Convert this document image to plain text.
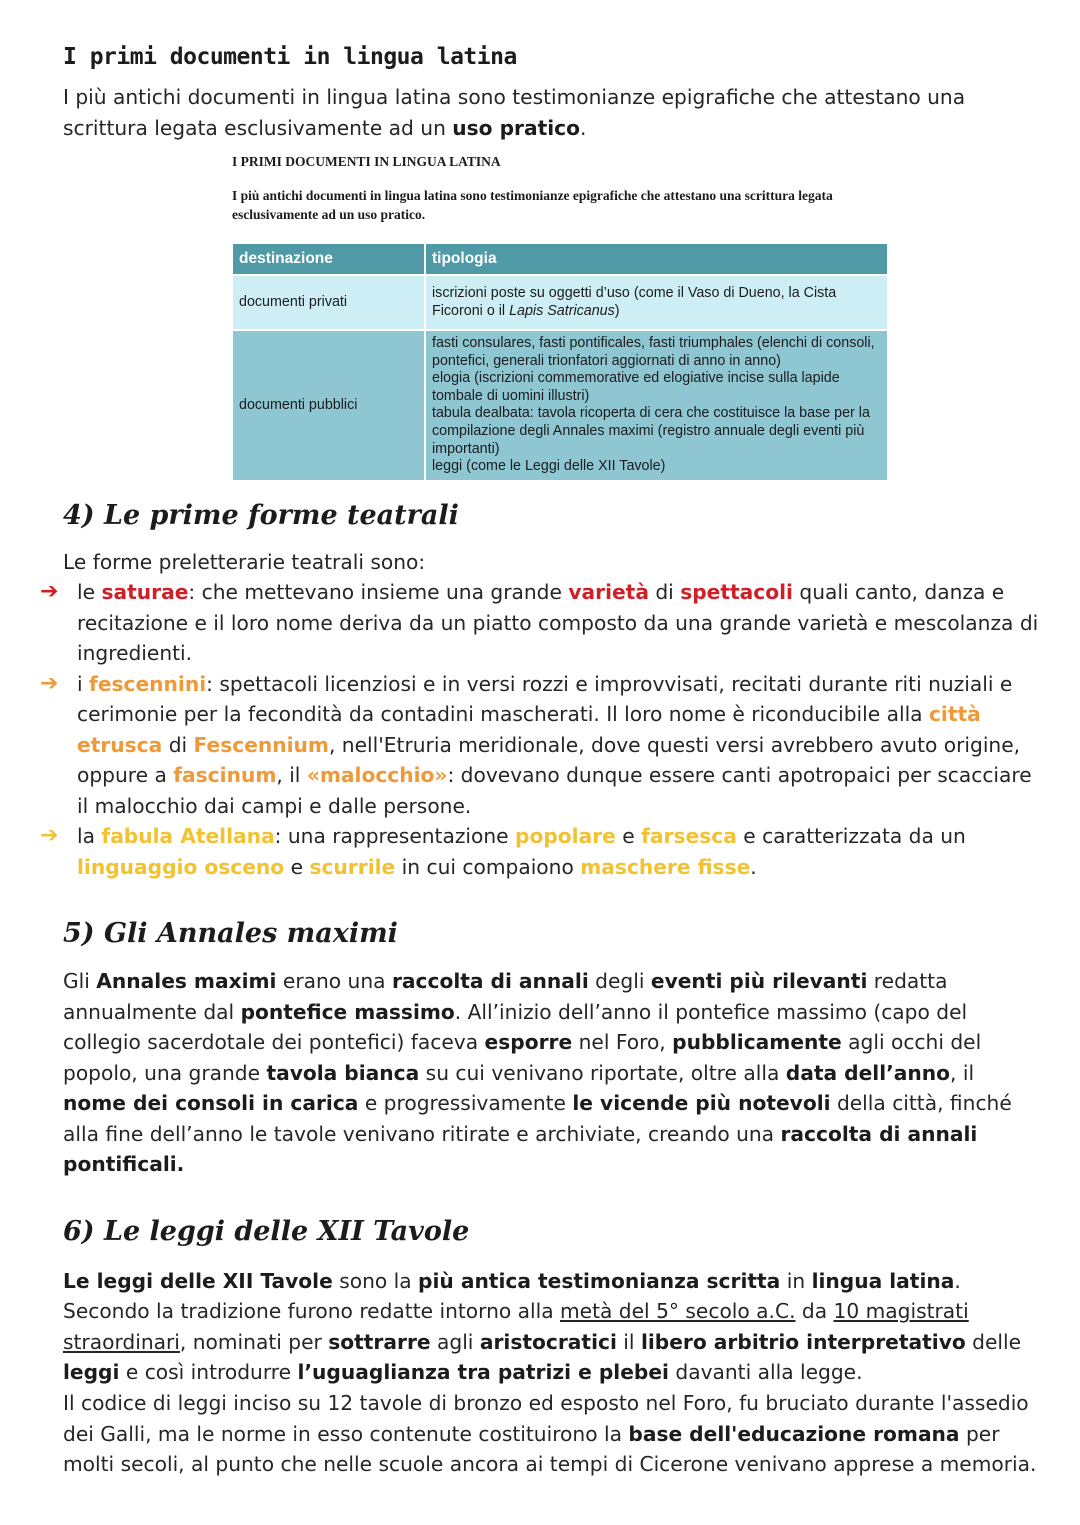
I primi documenti in lingua latina

I più antichi documenti in lingua latina sono testimonianze epigrafiche che attestano una scrittura legata esclusivamente ad un uso pratico.

I PRIMI DOCUMENTI IN LINGUA LATINA

I più antichi documenti in lingua latina sono testimonianze epigrafiche che attestano una scrittura legata esclusivamente ad un uso pratico.

destinazione	tipologia
documenti privati	iscrizioni poste su oggetti d’uso (come il Vaso di Dueno, la Cista Ficoroni o il Lapis Satricanus)

documenti pubblici	fasti consulares, fasti pontificales, fasti triumphales (elenchi di consoli, pontefici, generali trionfatori aggiornati di anno in anno)
elogia (iscrizioni commemorative ed elogiative incise sulla lapide tombale di uomini illustri)
tabula dealbata: tavola ricoperta di cera che costituisce la base per la compilazione degli Annales maximi (registro annuale degli eventi più importanti)
leggi (come le Leggi delle XII Tavole)
4) Le prime forme teatrali

Le forme preletterarie teatrali sono:

➔ le saturae: che mettevano insieme una grande varietà di spettacoli quali canto, danza e recitazione e il loro nome deriva da un piatto composto da una grande varietà e mescolanza di ingredienti.
➔ i fescennini: spettacoli licenziosi e in versi rozzi e improvvisati, recitati durante riti nuziali e cerimonie per la fecondità da contadini mascherati. Il loro nome è riconducibile alla città etrusca di Fescennium, nell'Etruria meridionale, dove questi versi avrebbero avuto origine, oppure a fascinum, il «malocchio»: dovevano dunque essere canti apotropaici per scacciare il malocchio dai campi e dalle persone.
➔ la fabula Atellana: una rappresentazione popolare e farsesca e caratterizzata da un linguaggio osceno e scurrile in cui compaiono maschere fisse.
5) Gli Annales maximi

Gli Annales maximi erano una raccolta di annali degli eventi più rilevanti redatta annualmente dal pontefice massimo. All’inizio dell’anno il pontefice massimo (capo del collegio sacerdotale dei pontefici) faceva esporre nel Foro, pubblicamente agli occhi del popolo, una grande tavola bianca su cui venivano riportate, oltre alla data dell’anno, il nome dei consoli in carica e progressivamente le vicende più notevoli della città, finché alla fine dell’anno le tavole venivano ritirate e archiviate, creando una raccolta di annali pontificali.

6) Le leggi delle XII Tavole

Le leggi delle XII Tavole sono la più antica testimonianza scritta in lingua latina.

Secondo la tradizione furono redatte intorno alla metà del 5° secolo a.C. da 10 magistrati straordinari, nominati per sottrarre agli aristocratici il libero arbitrio interpretativo delle leggi e così introdurre l’uguaglianza tra patrizi e plebei davanti alla legge.

Il codice di leggi inciso su 12 tavole di bronzo ed esposto nel Foro, fu bruciato durante l'assedio dei Galli, ma le norme in esso contenute costituirono la base dell'educazione romana per molti secoli, al punto che nelle scuole ancora ai tempi di Cicerone venivano apprese a memoria.
